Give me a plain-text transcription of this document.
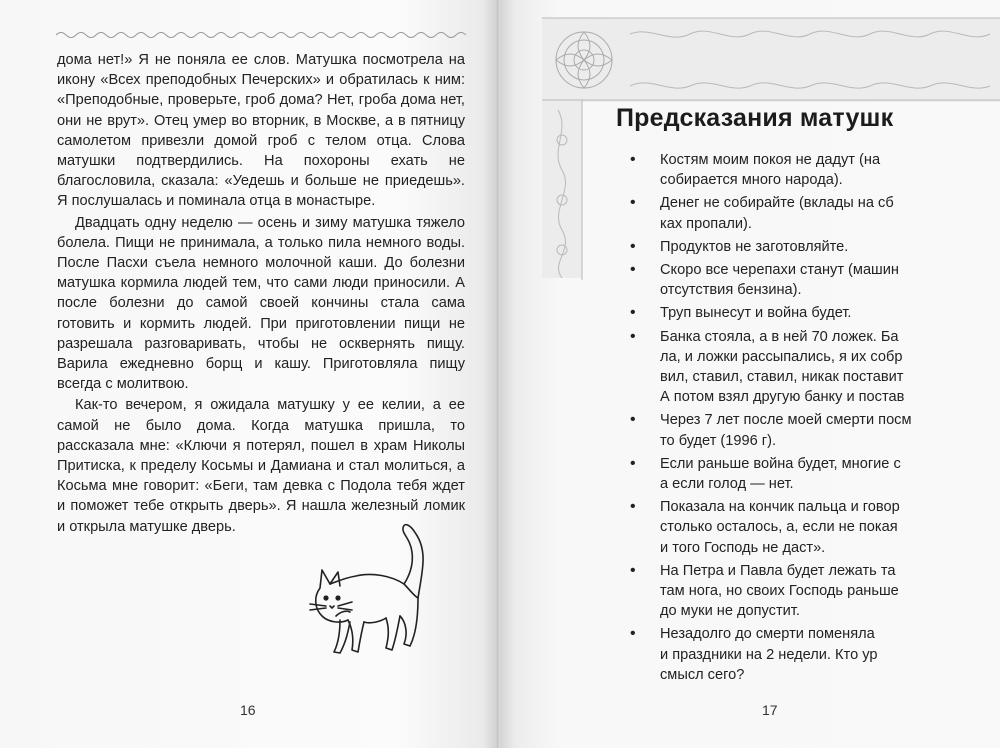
дома нет!» Я не поняла ее слов. Матушка посмотрела на икону «Всех преподобных Печерских» и обратилась к ним: «Преподобные, проверьте, гроб дома? Нет, гроба дома нет, они не врут». Отец умер во вторник, в Москве, а в пятницу самолетом привезли домой гроб с телом отца. Слова матушки подтвердились. На похороны ехать не благословила, сказала: «Уедешь и больше не приедешь». Я послушалась и поминала отца в монастыре.

Двадцать одну неделю — осень и зиму матушка тяжело болела. Пищи не принимала, а только пила немного воды. После Пасхи съела немного молочной каши. До болезни матушка кормила людей тем, что сами люди приносили. А после болезни до самой своей кончины стала сама готовить и кормить людей. При приготовлении пищи не разрешала разговаривать, чтобы не осквернять пищу. Варила ежедневно борщ и кашу. Приготовляла пищу всегда с молитвою.

Как-то вечером, я ожидала матушку у ее келии, а ее самой не было дома. Когда матушка пришла, то рассказала мне: «Ключи я потерял, пошел в храм Николы Притиска, к пределу Косьмы и Дамиана и стал молиться, а Косьма мне говорит: «Беги, там девка с Подола тебя ждет и поможет тебе открыть дверь». Я нашла железный ломик и открыла матушке дверь.

16
Предсказания матушк
• Костям моим покоя не дадут (на
собирается много народа).
• Денег не собирайте (вклады на сб
ках пропали).
• Продуктов не заготовляйте.
• Скоро все черепахи станут (машин
отсутствия бензина).
• Труп вынесут и война будет.
• Банка стояла, а в ней 70 ложек. Ба
ла, и ложки рассыпались, я их собр
вил, ставил, ставил, никак поставит
А потом взял другую банку и постав
• Через 7 лет после моей смерти посм
то будет (1996 г).
• Если раньше война будет, многие с
а если голод — нет.
• Показала на кончик пальца и говор
столько осталось, а, если не покая
и того Господь не даст».
• На Петра и Павла будет лежать та
там нога, но своих Господь раньше
до муки не допустит.
• Незадолго до смерти поменяла
и праздники на 2 недели. Кто ур
смысл сего?
17
